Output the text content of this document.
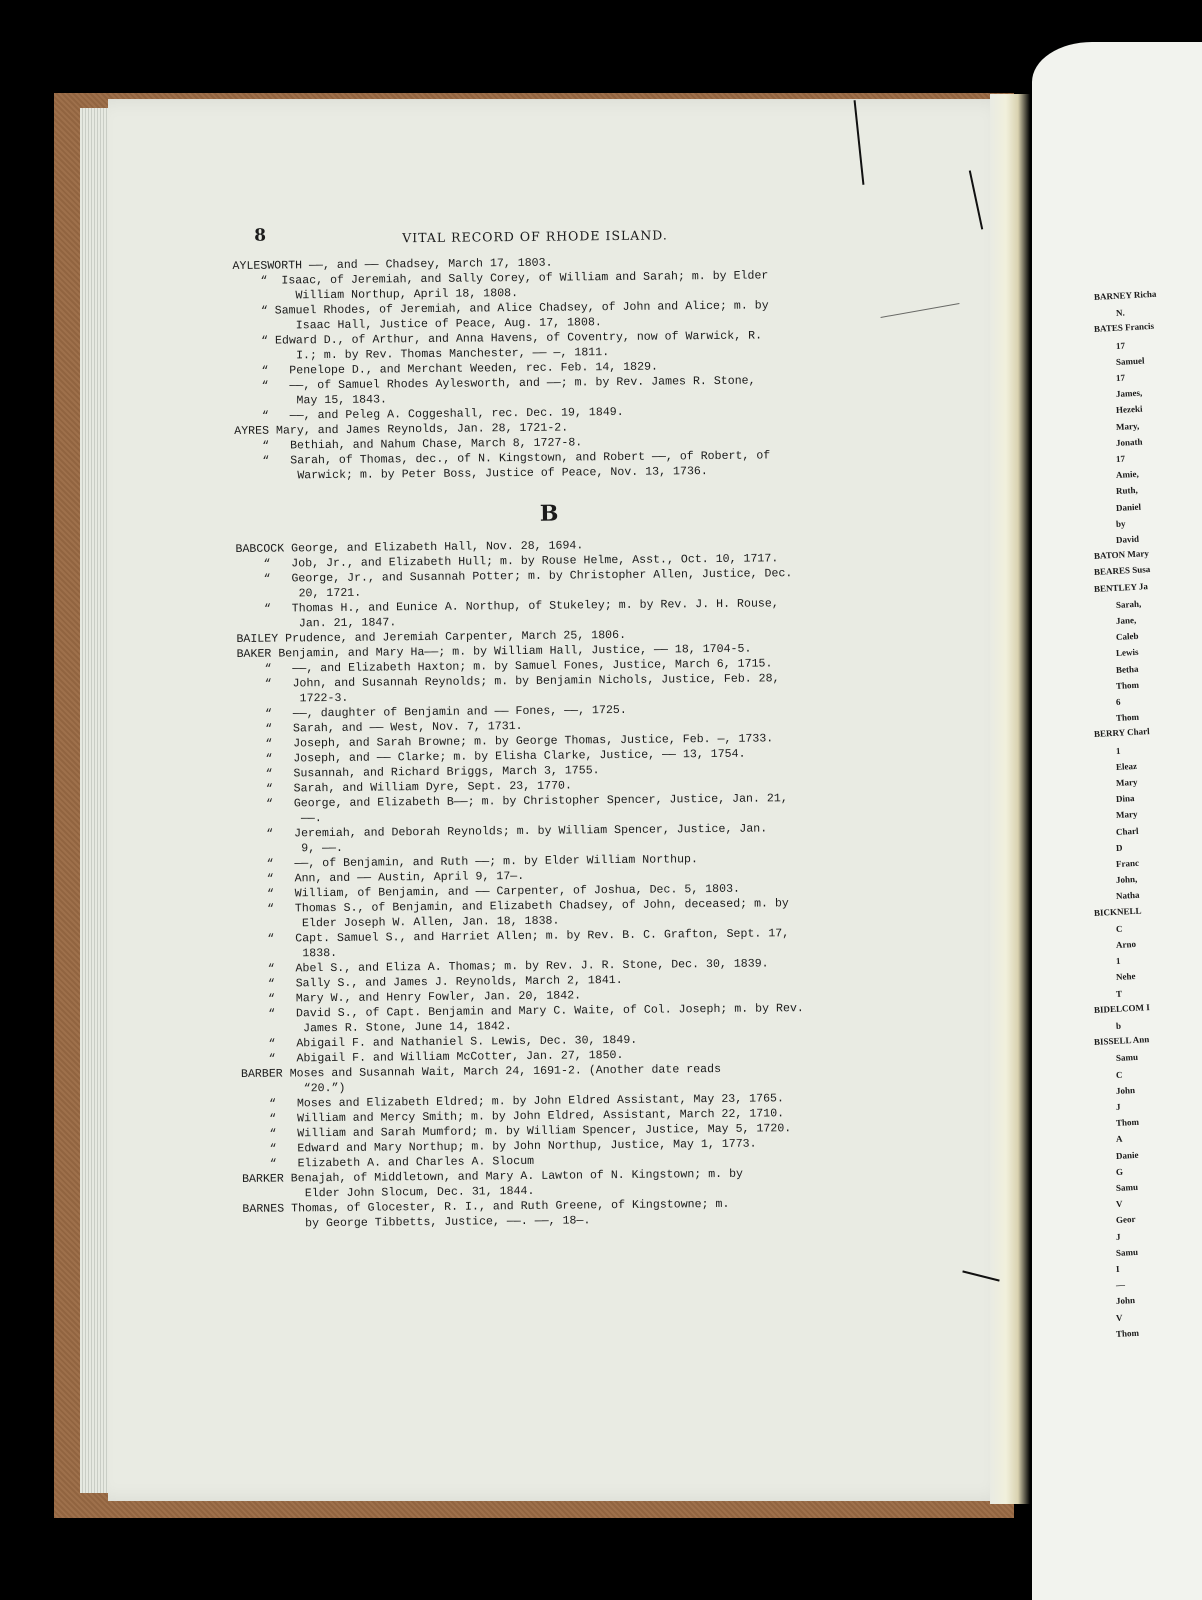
BARNEY Richa
N.
BATES Francis
17
Samuel
17
James,
Hezeki
Mary,
Jonath
17
Amie,
Ruth,
Daniel
by
David
BATON Mary
BEARES Susa
BENTLEY Ja
Sarah,
Jane,
Caleb
Lewis
Betha
Thom
6
Thom
BERRY Charl
1
Eleaz
Mary
Dina
Mary
Charl
D
Franc
John,
Natha
BICKNELL
C
Arno
1
Nehe
T
BIDELCOM I
b
BISSELL Ann
Samu
C
John
J
Thom
A
Danie
G
Samu
V
Geor
J
Samu
I
—
John
V
Thom
8	VITAL RECORD OF RHODE ISLAND.

AYLESWORTH ——, and —— Chadsey, March 17, 1803.

“  Isaac, of Jeremiah, and Sally Corey, of William and Sarah; m. by Elder

William Northup, April 18, 1808.

“ Samuel Rhodes, of Jeremiah, and Alice Chadsey, of John and Alice; m. by

Isaac Hall, Justice of Peace, Aug. 17, 1808.

“ Edward D., of Arthur, and Anna Havens, of Coventry, now of Warwick, R.

I.; m. by Rev. Thomas Manchester, —— —, 1811.

“   Penelope D., and Merchant Weeden, rec. Feb. 14, 1829.

“   ——, of Samuel Rhodes Aylesworth, and ——; m. by Rev. James R. Stone,

May 15, 1843.

“   ——, and Peleg A. Coggeshall, rec. Dec. 19, 1849.

AYRES Mary, and James Reynolds, Jan. 28, 1721-2.

“   Bethiah, and Nahum Chase, March 8, 1727-8.

“   Sarah, of Thomas, dec., of N. Kingstown, and Robert ——, of Robert, of

Warwick; m. by Peter Boss, Justice of Peace, Nov. 13, 1736.

B

BABCOCK George, and Elizabeth Hall, Nov. 28, 1694.

“   Job, Jr., and Elizabeth Hull; m. by Rouse Helme, Asst., Oct. 10, 1717.

“   George, Jr., and Susannah Potter; m. by Christopher Allen, Justice, Dec.

20, 1721.

“   Thomas H., and Eunice A. Northup, of Stukeley; m. by Rev. J. H. Rouse,

Jan. 21, 1847.

BAILEY Prudence, and Jeremiah Carpenter, March 25, 1806.

BAKER Benjamin, and Mary Ha——; m. by William Hall, Justice, —— 18, 1704-5.

“   ——, and Elizabeth Haxton; m. by Samuel Fones, Justice, March 6, 1715.

“   John, and Susannah Reynolds; m. by Benjamin Nichols, Justice, Feb. 28,

1722-3.

“   ——, daughter of Benjamin and —— Fones, ——, 1725.

“   Sarah, and —— West, Nov. 7, 1731.

“   Joseph, and Sarah Browne; m. by George Thomas, Justice, Feb. —, 1733.

“   Joseph, and —— Clarke; m. by Elisha Clarke, Justice, —— 13, 1754.

“   Susannah, and Richard Briggs, March 3, 1755.

“   Sarah, and William Dyre, Sept. 23, 1770.

“   George, and Elizabeth B——; m. by Christopher Spencer, Justice, Jan. 21,

——.

“   Jeremiah, and Deborah Reynolds; m. by William Spencer, Justice, Jan.

9, ——.

“   ——, of Benjamin, and Ruth ——; m. by Elder William Northup.

“   Ann, and —— Austin, April 9, 17—.

“   William, of Benjamin, and —— Carpenter, of Joshua, Dec. 5, 1803.

“   Thomas S., of Benjamin, and Elizabeth Chadsey, of John, deceased; m. by

Elder Joseph W. Allen, Jan. 18, 1838.

“   Capt. Samuel S., and Harriet Allen; m. by Rev. B. C. Grafton, Sept. 17,

1838.

“   Abel S., and Eliza A. Thomas; m. by Rev. J. R. Stone, Dec. 30, 1839.

“   Sally S., and James J. Reynolds, March 2, 1841.

“   Mary W., and Henry Fowler, Jan. 20, 1842.

“   David S., of Capt. Benjamin and Mary C. Waite, of Col. Joseph; m. by Rev.

James R. Stone, June 14, 1842.

“   Abigail F. and Nathaniel S. Lewis, Dec. 30, 1849.

“   Abigail F. and William McCotter, Jan. 27, 1850.

BARBER Moses and Susannah Wait, March 24, 1691-2. (Another date reads

“20.”)

“   Moses and Elizabeth Eldred; m. by John Eldred Assistant, May 23, 1765.

“   William and Mercy Smith; m. by John Eldred, Assistant, March 22, 1710.

“   William and Sarah Mumford; m. by William Spencer, Justice, May 5, 1720.

“   Edward and Mary Northup; m. by John Northup, Justice, May 1, 1773.

“   Elizabeth A. and Charles A. Slocum

BARKER Benajah, of Middletown, and Mary A. Lawton of N. Kingstown; m. by

Elder John Slocum, Dec. 31, 1844.

BARNES Thomas, of Glocester, R. I., and Ruth Greene, of Kingstowne; m.

by George Tibbetts, Justice, ——. ——, 18—.
